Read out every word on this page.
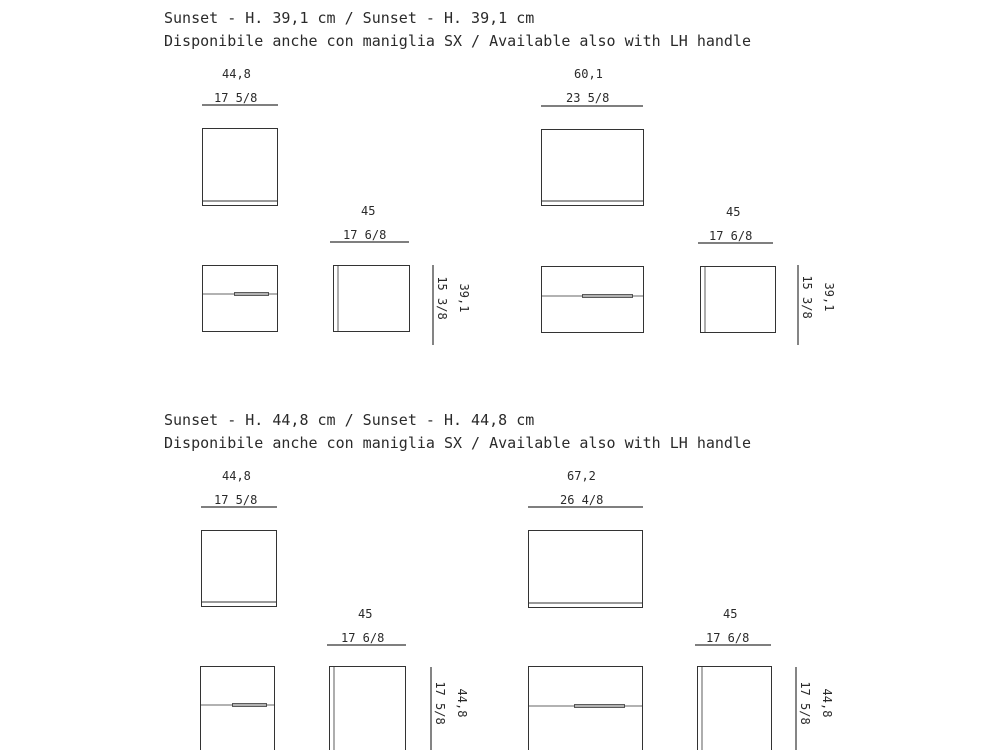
Sunset - H. 39,1 cm / Sunset - H. 39,1 cm
Disponibile anche con maniglia SX / Available also with LH handle
44,8
17 5/8
45
17 6/8
15 3/8 39,1
60,1
23 5/8
45
17 6/8
15 3/8 39,1
Sunset - H. 44,8 cm / Sunset - H. 44,8 cm
Disponibile anche con maniglia SX / Available also with LH handle
44,8
17 5/8
45
17 6/8
17 5/8 44,8
67,2
26 4/8
45
17 6/8
17 5/8 44,8
